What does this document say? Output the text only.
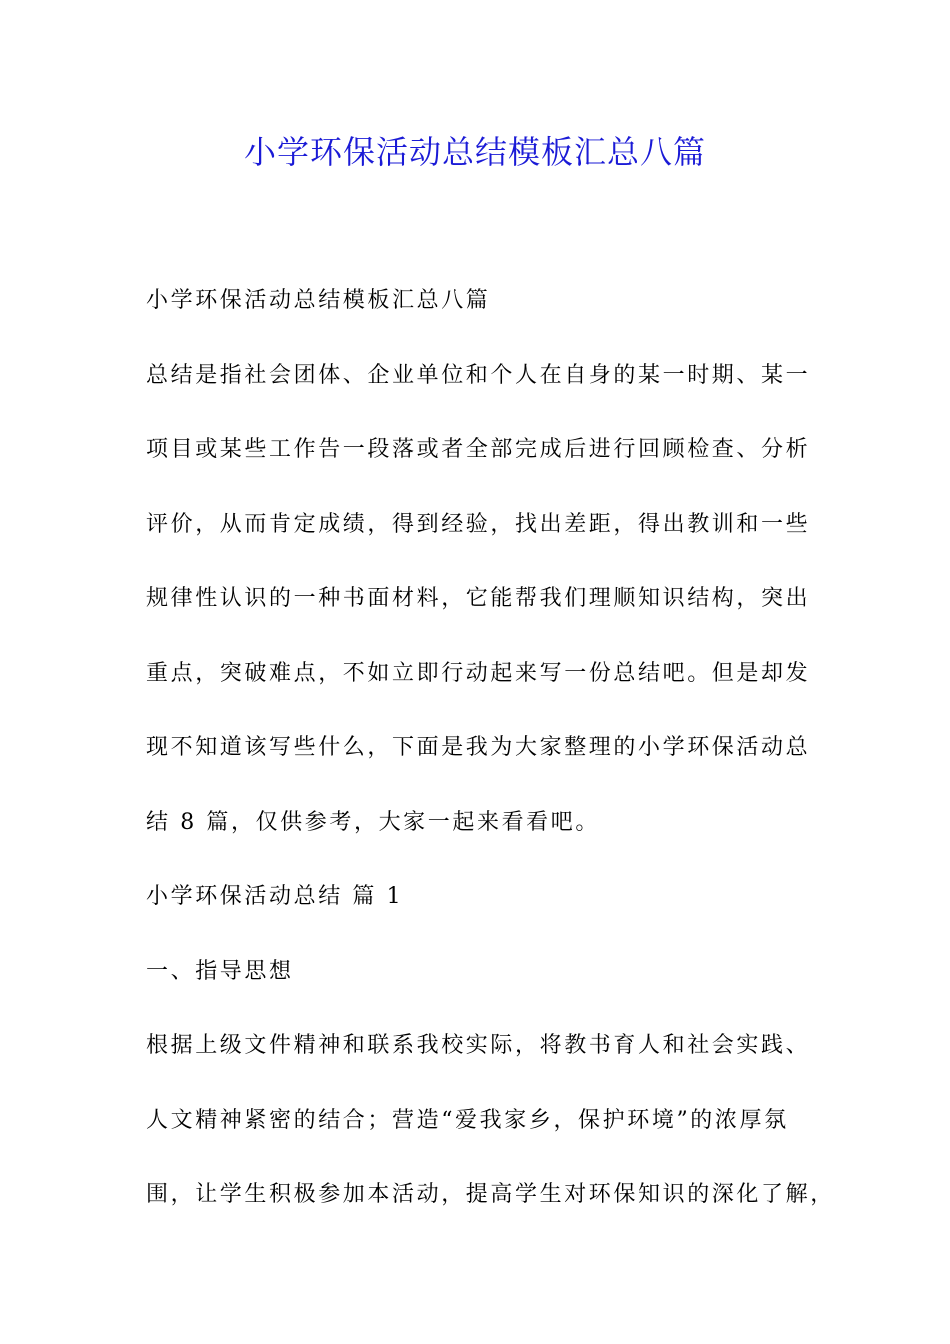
小学环保活动总结模板汇总八篇
小学环保活动总结模板汇总八篇
总结是指社会团体、企业单位和个人在自身的某一时期、某一
项目或某些工作告一段落或者全部完成后进行回顾检查、分析
评价，从而肯定成绩，得到经验，找出差距，得出教训和一些
规律性认识的一种书面材料，它能帮我们理顺知识结构，突出
重点，突破难点，不如立即行动起来写一份总结吧。但是却发
现不知道该写些什么，下面是我为大家整理的小学环保活动总
结 8 篇，仅供参考，大家一起来看看吧。
小学环保活动总结 篇 1
一、指导思想
根据上级文件精神和联系我校实际，将教书育人和社会实践、
人文精神紧密的结合；营造“爱我家乡，保护环境”的浓厚氛
围，让学生积极参加本活动，提高学生对环保知识的深化了解，
